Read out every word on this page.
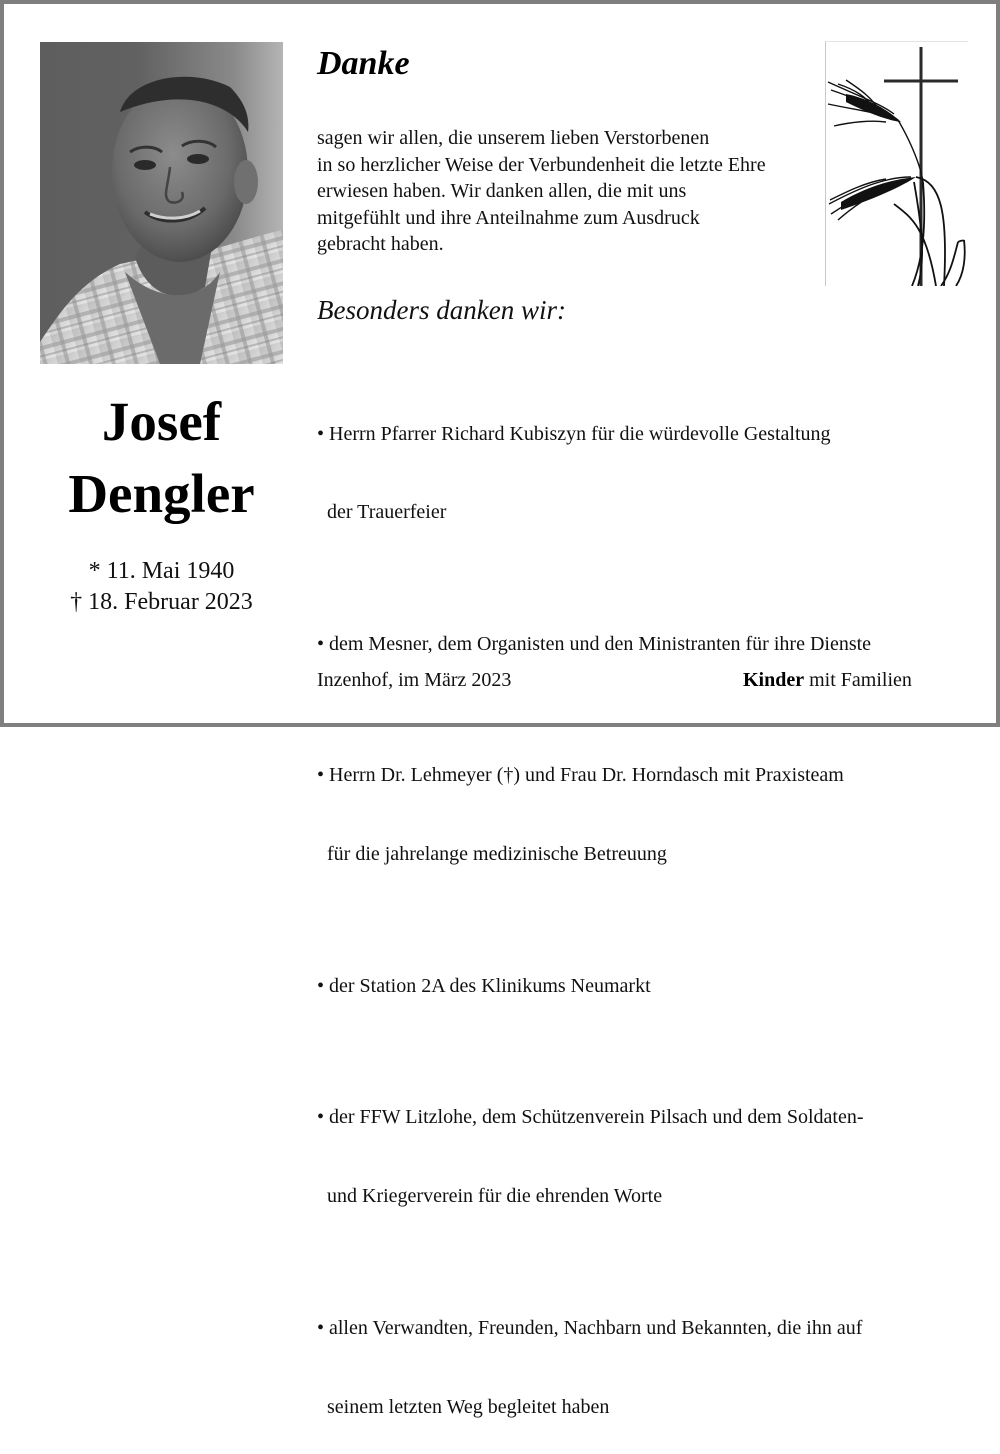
Josef
Dengler
* 11. Mai 1940
† 18. Februar 2023
Danke
sagen wir allen, die unserem lieben Verstorbenen
in so herzlicher Weise der Verbundenheit die letzte Ehre
erwiesen haben. Wir danken allen, die mit uns
mitgefühlt und ihre Anteilnahme zum Ausdruck
gebracht haben.
Besonders danken wir:

• Herrn Pfarrer Richard Kubiszyn für die würdevolle Gestaltung

der Trauerfeier

• dem Mesner, dem Organisten und den Ministranten für ihre Dienste

• Herrn Dr. Lehmeyer (†) und Frau Dr. Horndasch mit Praxisteam

für die jahrelange medizinische Betreuung

• der Station 2A des Klinikums Neumarkt

• der FFW Litzlohe, dem Schützenverein Pilsach und dem Soldaten-

und Kriegerverein für die ehrenden Worte

• allen Verwandten, Freunden, Nachbarn und Bekannten, die ihn auf

seinem letzten Weg begleitet haben

Inzenhof, im März 2023	Kinder mit Familien
